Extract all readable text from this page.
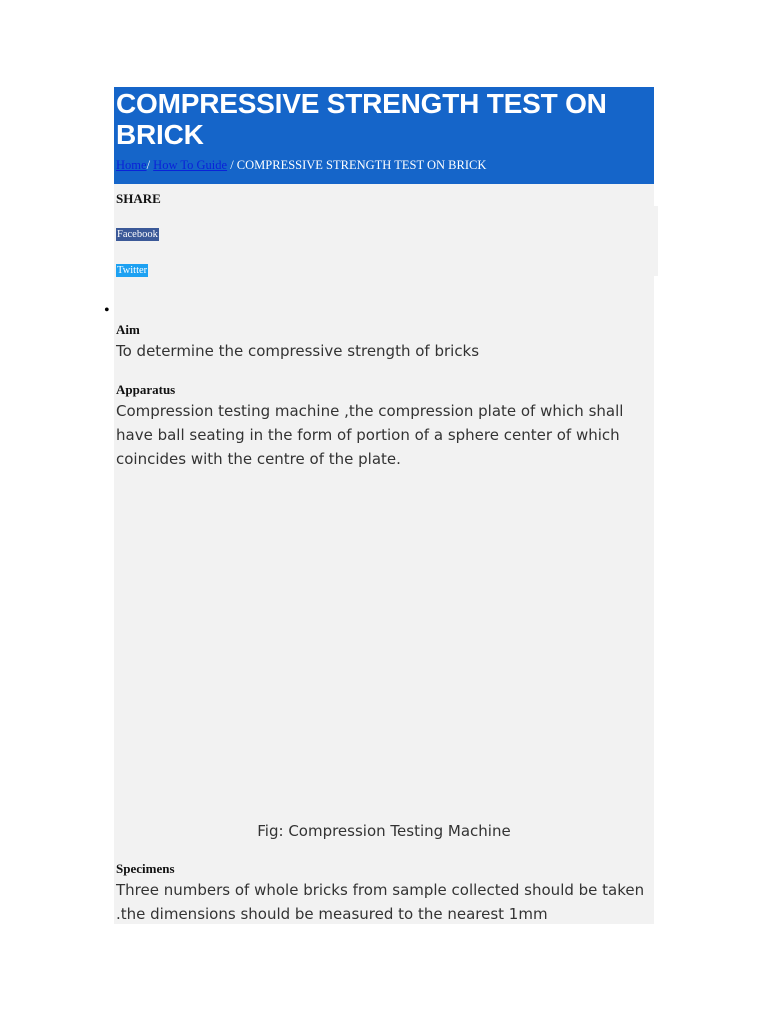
COMPRESSIVE STRENGTH TEST ON BRICK
Home/ How To Guide / COMPRESSIVE STRENGTH TEST ON BRICK
SHARE
Facebook
Twitter
•
Aim
To determine the compressive strength of bricks
Apparatus
Compression testing machine ,the compression plate of which shall have ball seating in the form of portion of a sphere center of which coincides with the centre of the plate.
Fig: Compression Testing Machine
Specimens
Three numbers of whole bricks from sample collected should be taken .the dimensions should be measured to the nearest 1mm
